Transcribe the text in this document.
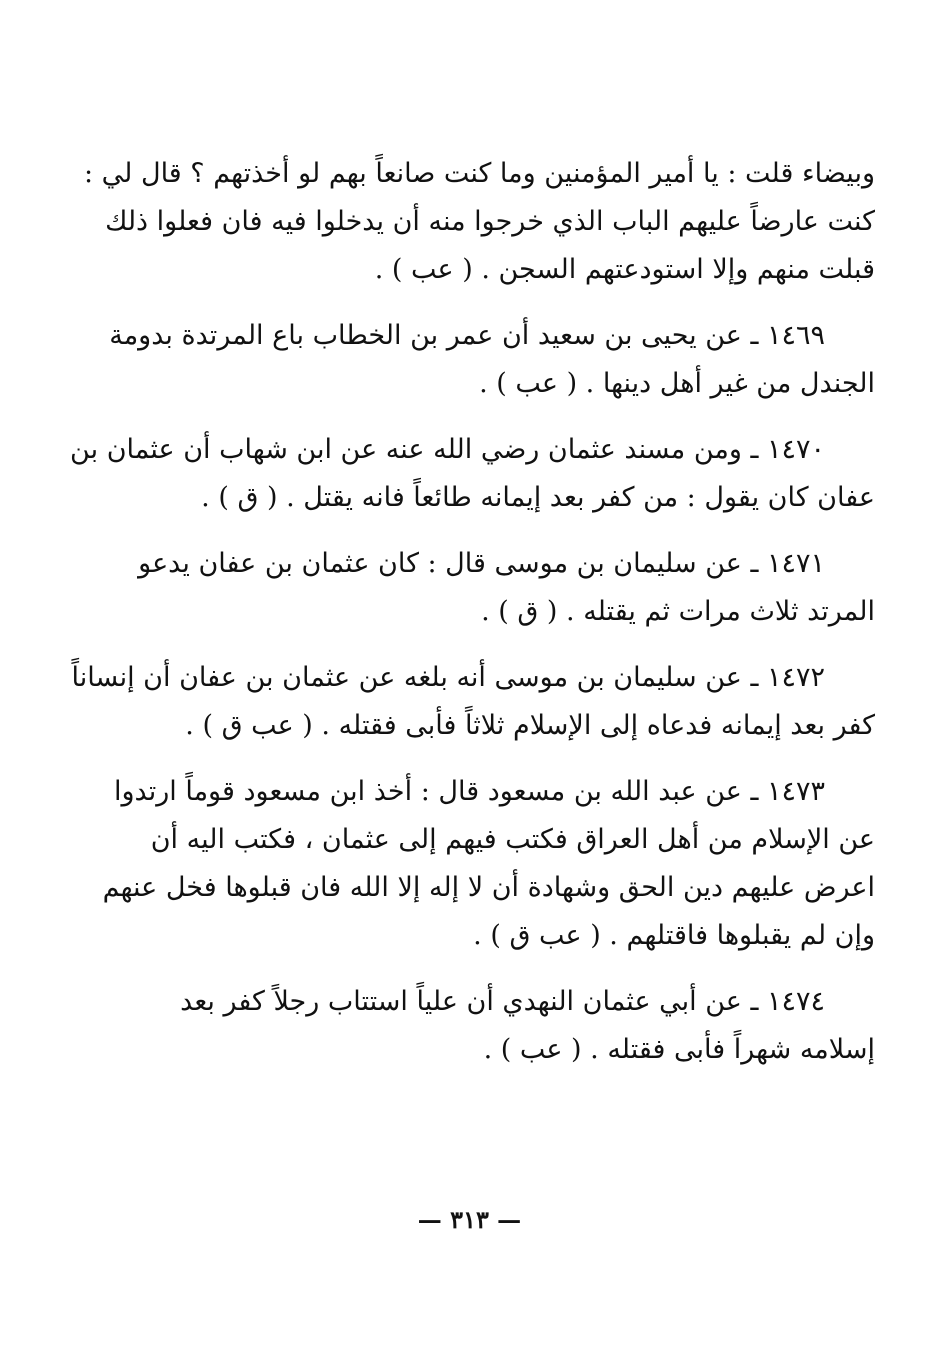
وبيضاء قلت : يا أمير المؤمنين وما كنت صانعاً بهم لو أخذتهم ؟ قال لي :
كنت عارضاً عليهم الباب الذي خرجوا منه أن يدخلوا فيه فان فعلوا ذلك
قبلت منهم وإلا استودعتهم السجن . ( عب ) .
١٤٦٩ ـ عن يحيى بن سعيد أن عمر بن الخطاب باع المرتدة بدومة
الجندل من غير أهل دينها . ( عب ) .
١٤٧٠ ـ ومن مسند عثمان رضي الله عنه عن ابن شهاب أن عثمان بن
عفان كان يقول : من كفر بعد إيمانه طائعاً فانه يقتل . ( ق ) .
١٤٧١ ـ عن سليمان بن موسى قال : كان عثمان بن عفان يدعو
المرتد ثلاث مرات ثم يقتله . ( ق ) .
١٤٧٢ ـ عن سليمان بن موسى أنه بلغه عن عثمان بن عفان أن إنساناً
كفر بعد إيمانه فدعاه إلى الإسلام ثلاثاً فأبى فقتله . ( عب ق ) .
١٤٧٣ ـ عن عبد الله بن مسعود قال : أخذ ابن مسعود قوماً ارتدوا
عن الإسلام من أهل العراق فكتب فيهم إلى عثمان ، فكتب اليه أن
اعرض عليهم دين الحق وشهادة أن لا إله إلا الله فان قبلوها فخل عنهم
وإن لم يقبلوها فاقتلهم . ( عب ق ) .
١٤٧٤ ـ عن أبي عثمان النهدي أن علياً استتاب رجلاً كفر بعد
إسلامه شهراً فأبى فقتله . ( عب ) .
— ٣١٣ —
